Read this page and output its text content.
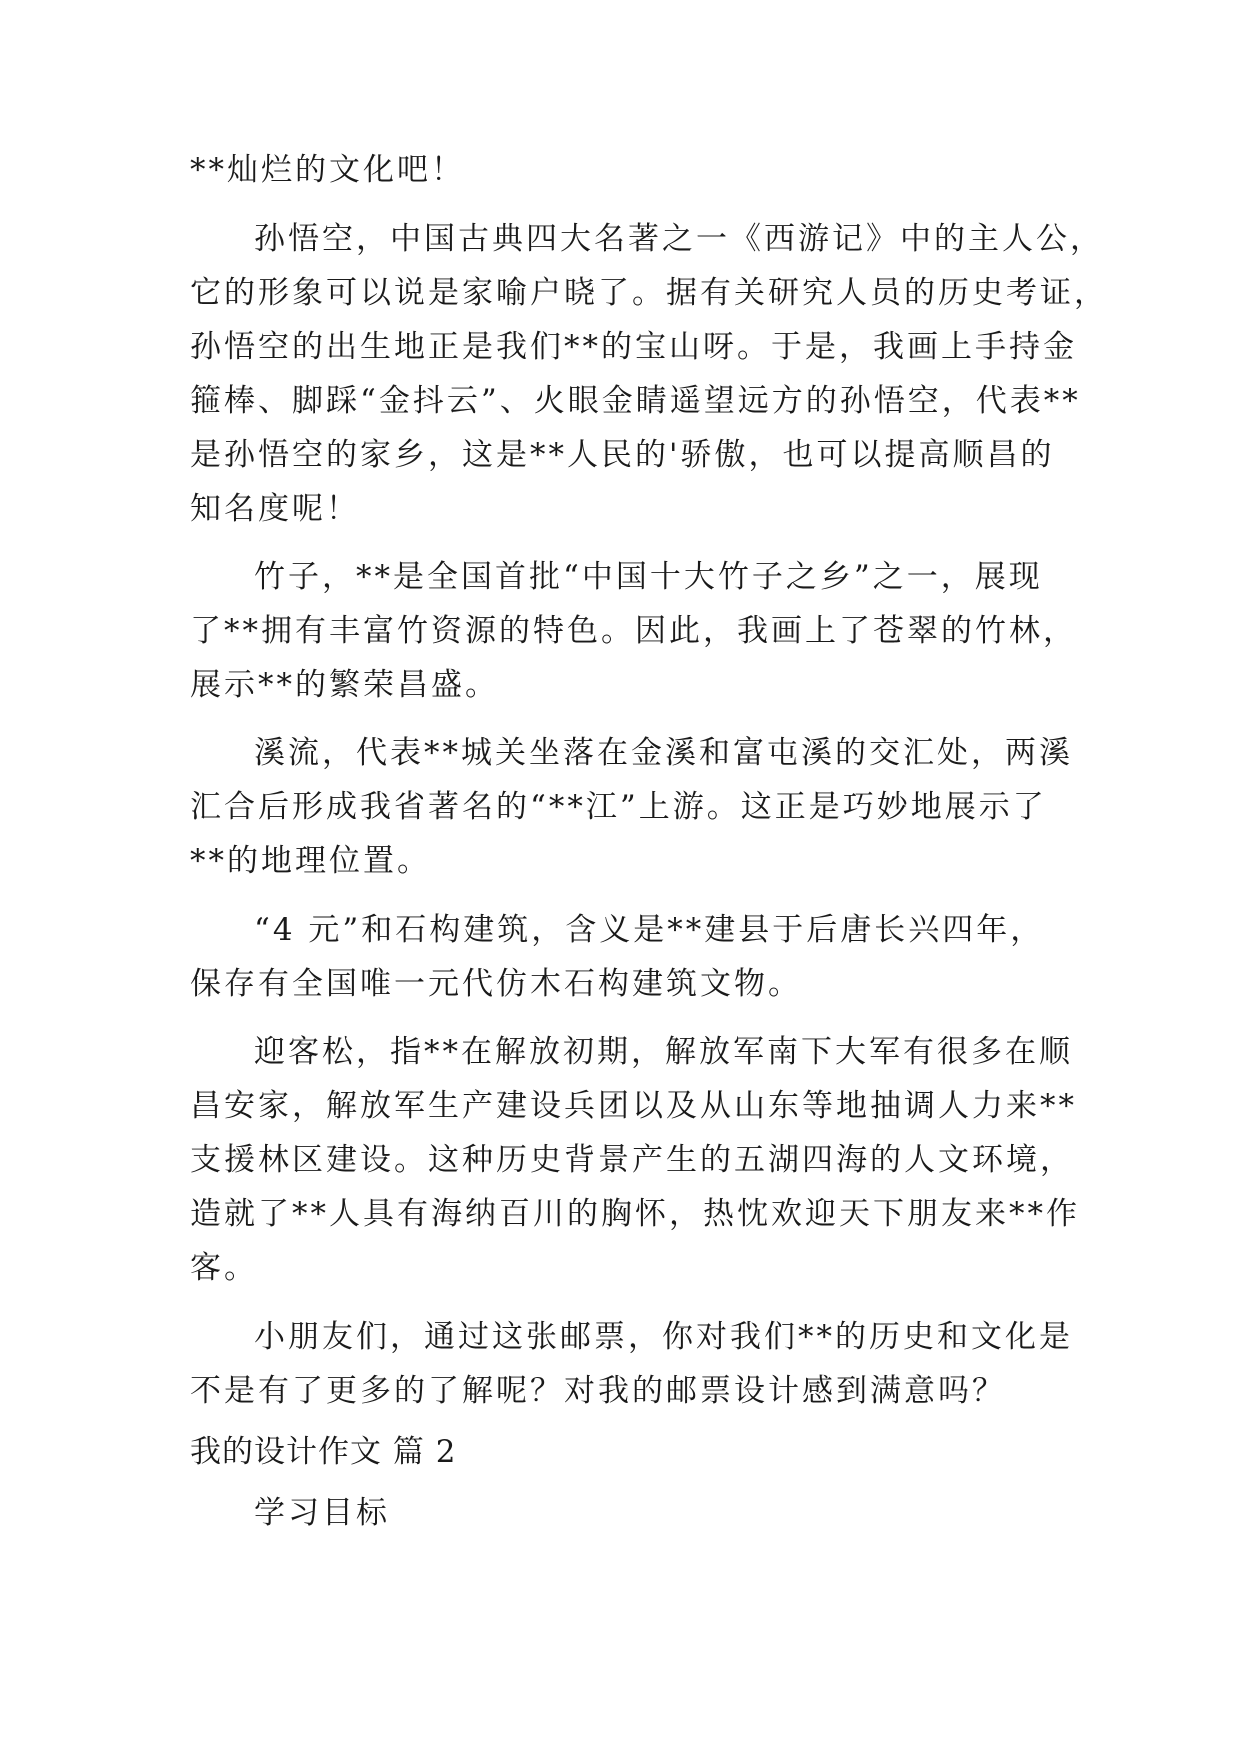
**灿烂的文化吧！
孙悟空，中国古典四大名著之一《西游记》中的主人公，
它的形象可以说是家喻户晓了。据有关研究人员的历史考证，
孙悟空的出生地正是我们**的宝山呀。于是，我画上手持金
箍棒、脚踩“金抖云”、火眼金睛遥望远方的孙悟空，代表**
是孙悟空的家乡，这是**人民的'骄傲，也可以提高顺昌的
知名度呢！
竹子，**是全国首批“中国十大竹子之乡”之一，展现
了**拥有丰富竹资源的特色。因此，我画上了苍翠的竹林，
展示**的繁荣昌盛。
溪流，代表**城关坐落在金溪和富屯溪的交汇处，两溪
汇合后形成我省著名的“**江”上游。这正是巧妙地展示了
**的地理位置。
“4 元”和石构建筑，含义是**建县于后唐长兴四年，
保存有全国唯一元代仿木石构建筑文物。
迎客松，指**在解放初期，解放军南下大军有很多在顺
昌安家，解放军生产建设兵团以及从山东等地抽调人力来**
支援林区建设。这种历史背景产生的五湖四海的人文环境，
造就了**人具有海纳百川的胸怀，热忱欢迎天下朋友来**作
客。
小朋友们，通过这张邮票，你对我们**的历史和文化是
不是有了更多的了解呢？对我的邮票设计感到满意吗？
我的设计作文 篇 2
学习目标
